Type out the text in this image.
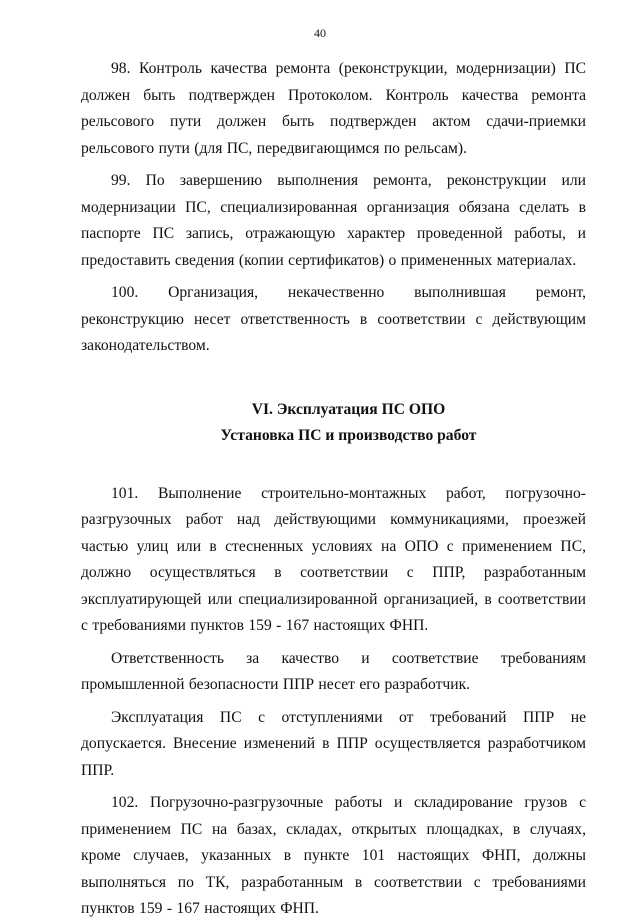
40

98. Контроль качества ремонта (реконструкции, модернизации) ПС должен быть подтвержден Протоколом. Контроль качества ремонта рельсового пути должен быть подтвержден актом сдачи-приемки рельсового пути (для ПС, передвигающимся по рельсам).

99. По завершению выполнения ремонта, реконструкции или модернизации ПС, специализированная организация обязана сделать в паспорте ПС запись, отражающую характер проведенной работы, и предоставить сведения (копии сертификатов) о примененных материалах.

100. Организация, некачественно выполнившая ремонт, реконструкцию несет ответственность в соответствии с действующим законодательством.

VI. Эксплуатация ПС ОПО
Установка ПС и производство работ

101. Выполнение строительно-монтажных работ, погрузочно-разгрузочных работ над действующими коммуникациями, проезжей частью улиц или в стесненных условиях на ОПО с применением ПС, должно осуществляться в соответствии с ППР, разработанным эксплуатирующей или специализированной организацией, в соответствии с требованиями пунктов 159 - 167 настоящих ФНП.

Ответственность за качество и соответствие требованиям промышленной безопасности ППР несет его разработчик.

Эксплуатация ПС с отступлениями от требований ППР не допускается. Внесение изменений в ППР осуществляется разработчиком ППР.

102. Погрузочно-разгрузочные работы и складирование грузов с применением ПС на базах, складах, открытых площадках, в случаях, кроме случаев, указанных в пункте 101 настоящих ФНП, должны выполняться по ТК, разработанным в соответствии с требованиями пунктов 159 - 167 настоящих ФНП.
